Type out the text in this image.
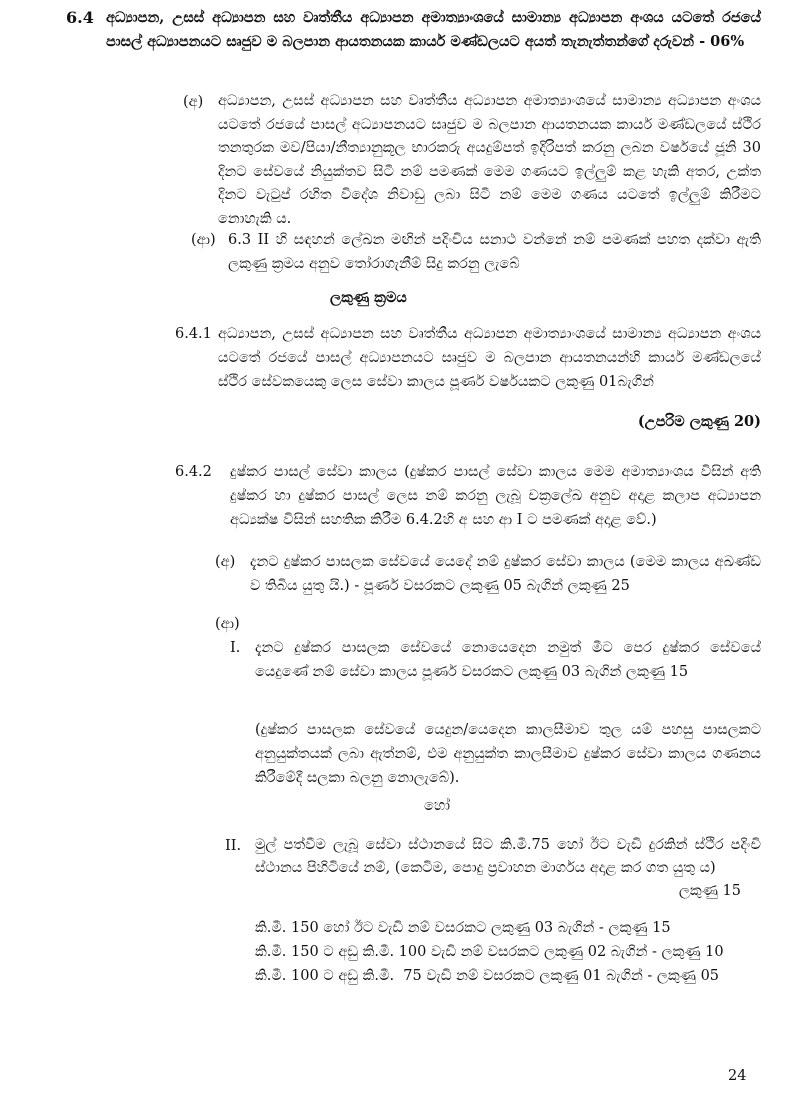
6.4 අධ්‍යාපන, උසස් අධ්‍යාපන සහ වෘත්තීය අධ්‍යාපන අමාත්‍යාංශයේ සාමාන්‍ය අධ්‍යාපන අංශය යටතේ රජයේ පාසල් අධ්‍යාපනයට සෘජුව ම බලපාන ආයතනයක කාර්ය මණ්ඩලයට අයත් තැනැත්තන්ගේ දරුවන් - 06%
(අ) අධ්‍යාපන, උසස් අධ්‍යාපන සහ වෘත්තීය අධ්‍යාපන අමාත්‍යාංශයේ සාමාන්‍ය අධ්‍යාපන අංශය යටතේ රජයේ පාසල් අධ්‍යාපනයට සෘජුව ම බලපාන ආයතනයක කාර්ය මණ්ඩලයේ ස්ථිර තනතුරක මව/පියා/නීත්‍යානුකූල භාරකරු අයදුම්පත් ඉදිරිපත් කරනු ලබන වර්ෂයේ ජූනි 30 දිනට සේවයේ නියුක්තව සිටී නම් පමණක් මෙම ගණයට ඉල්ලුම් කළ හැකි අතර, උක්ත දිනට වැටුප් රහිත විදේශ නිවාඩු ලබා සිටී නම් මෙම ගණය යටතේ ඉල්ලුම් කිරීමට නොහැකි ය.
(ආ) 6.3 II හි සඳහන් ලේඛන මඟින් පදිංචිය සනාථ වන්නේ නම් පමණක් පහත දක්වා ඇති ලකුණු ක්‍රමය අනුව තෝරාගැනීම් සිදු කරනු ලැබේ
ලකුණු ක්‍රමය
6.4.1 අධ්‍යාපන, උසස් අධ්‍යාපන සහ වෘත්තීය අධ්‍යාපන අමාත්‍යාංශයේ සාමාන්‍ය අධ්‍යාපන අංශය යටතේ රජයේ පාසල් අධ්‍යාපනයට සෘජුව ම බලපාන ආයතනයන්හි කාර්ය මණ්ඩලයේ ස්ථිර සේවකයෙකු ලෙස සේවා කාලය පූර්ණ වර්ෂයකට ලකුණු 01බැගින්
(උපරිම ලකුණු 20)
6.4.2 දුෂ්කර පාසල් සේවා කාලය (දුෂ්කර පාසල් සේවා කාලය මෙම අමාත්‍යාංශය විසින් අති දුෂ්කර හා දුෂ්කර පාසල් ලෙස නම් කරනු ලැබූ චක්‍රලේඛ අනුව අදාළ කලාප අධ්‍යාපන අධ්‍යක්ෂ විසින් සහතික කිරීම 6.4.2හි අ සහ ආ I ට පමණක් අදාළ වේ.)
(අ) දැනට දුෂ්කර පාසලක සේවයේ යෙදේ නම් දුෂ්කර සේවා කාලය (මෙම කාලය අඛණ්ඩ ව තිබිය යුතු යි.) - පූර්ණ වසරකට ලකුණු 05 බැගින් ලකුණු 25
(ආ)
I. දැනට දුෂ්කර පාසලක සේවයේ නොයෙදෙන නමුත් මීට පෙර දුෂ්කර සේවයේ යෙදුණේ නම් සේවා කාලය පූර්ණ වසරකට ලකුණු 03 බැගින් ලකුණු 15
(දුෂ්කර පාසලක සේවයේ යෙදුන/යෙදෙන කාලසීමාව තුල යම් පහසු පාසලකට අනුයුක්තයක් ලබා ඇත්නම්, එම අනුයුක්ත කාලසීමාව දුෂ්කර සේවා කාලය ගණනය කිරීමේදී සලකා බලනු නොලැබේ).
හෝ
II. මුල් පත්වීම ලැබූ සේවා ස්ථානයේ සිට කි.මී.75 හෝ ඊට වැඩි දුරකින් ස්ථිර පදිංචි ස්ථානය පිහිටියේ නම්, (කෙටිම, පොදු ප්‍රවාහන මාර්ගය අදාළ කර ගත යුතු ය)
ලකුණු 15
කි.මී. 150 හෝ ඊට වැඩි නම් වසරකට ලකුණු 03 බැගින් - ලකුණු 15
කි.මී. 150 ට අඩු කි.මී. 100 වැඩි නම් වසරකට ලකුණු 02 බැගින් - ලකුණු 10
කි.මී. 100 ට අඩු කි.මී.  75 වැඩි නම් වසරකට ලකුණු 01 බැගින් - ලකුණු 05
24
